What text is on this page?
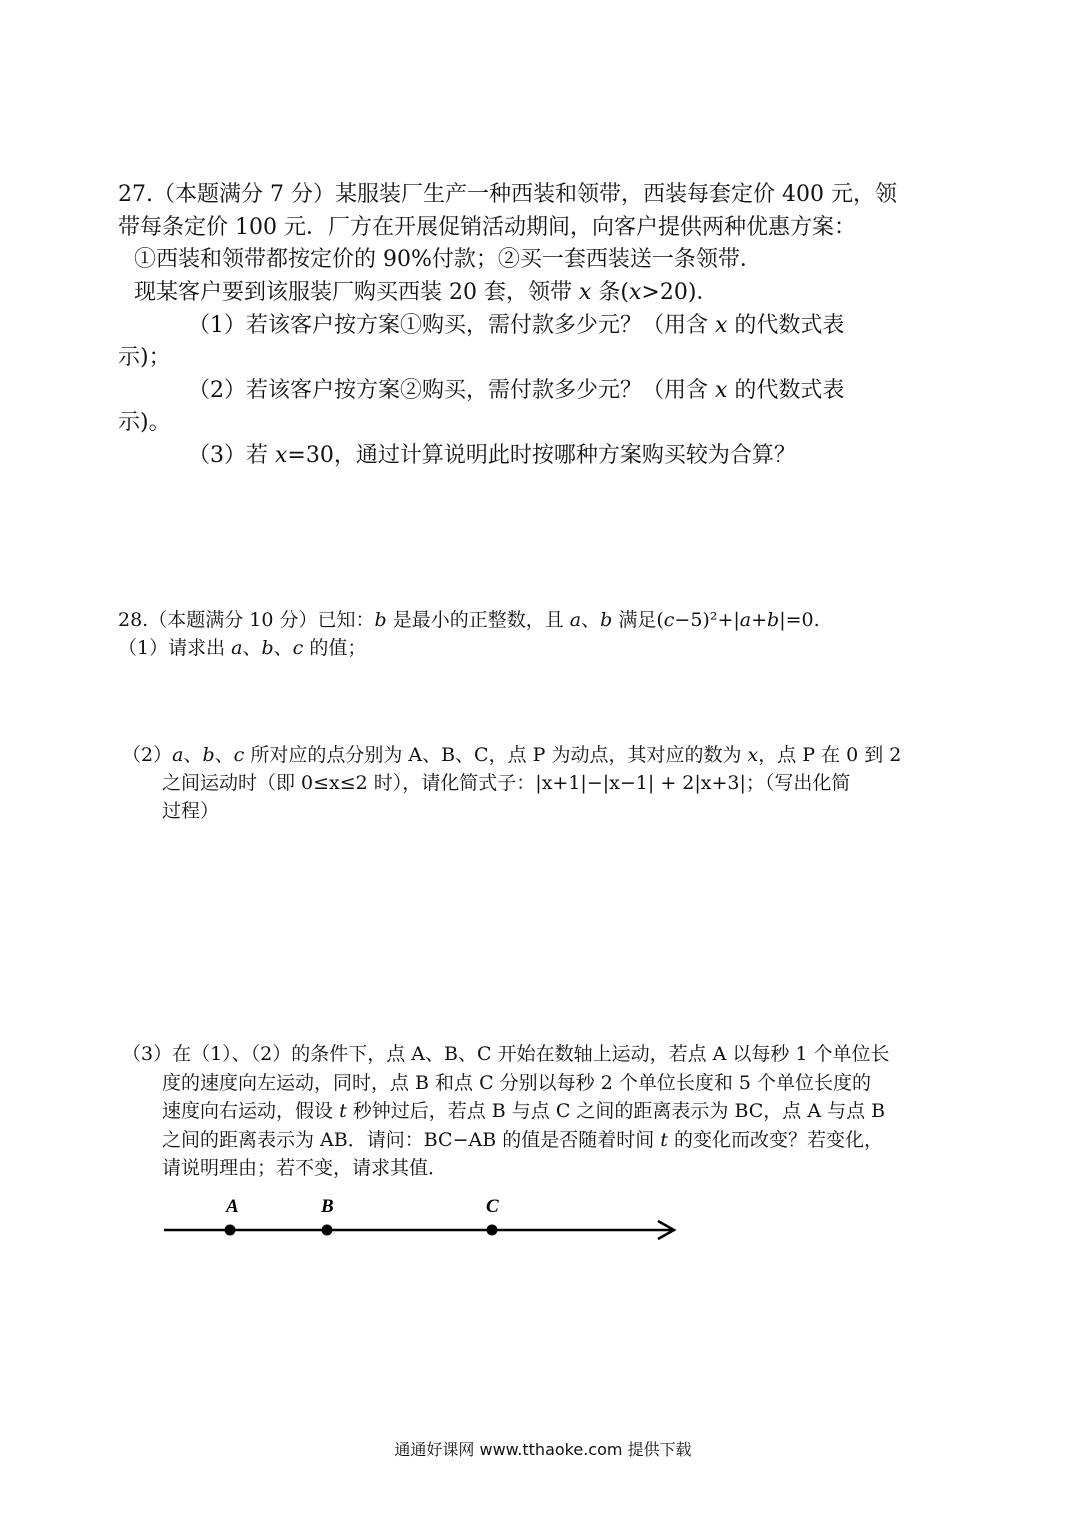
27.（本题满分 7 分）某服装厂生产一种西装和领带，西装每套定价 400 元，领
带每条定价 100 元．厂方在开展促销活动期间，向客户提供两种优惠方案：
①西装和领带都按定价的 90%付款；②买一套西装送一条领带．
现某客户要到该服装厂购买西装 20 套，领带 x 条(x>20)．
（1）若该客户按方案①购买，需付款多少元？（用含 x 的代数式表
示)；
（2）若该客户按方案②购买，需付款多少元？（用含 x 的代数式表
示)。
（3）若 x=30，通过计算说明此时按哪种方案购买较为合算？
28.（本题满分 10 分）已知：b 是最小的正整数，且 a、b 满足(c−5)²+|a+b|=0.
（1）请求出 a、b、c 的值；
（2）a、b、c 所对应的点分别为 A、B、C，点 P 为动点，其对应的数为 x，点 P 在 0 到 2
之间运动时（即 0≤x≤2 时），请化简式子：|x+1|−|x−1| + 2|x+3|；（写出化简
过程）
（3）在（1）、（2）的条件下，点 A、B、C 开始在数轴上运动，若点 A 以每秒 1 个单位长
度的速度向左运动，同时，点 B 和点 C 分别以每秒 2 个单位长度和 5 个单位长度的
速度向右运动，假设 t 秒钟过后，若点 B 与点 C 之间的距离表示为 BC，点 A 与点 B
之间的距离表示为 AB．请问：BC−AB 的值是否随着时间 t 的变化而改变？若变化，
请说明理由；若不变，请求其值．
A	B	C
通通好课网 www.tthaoke.com 提供下载
